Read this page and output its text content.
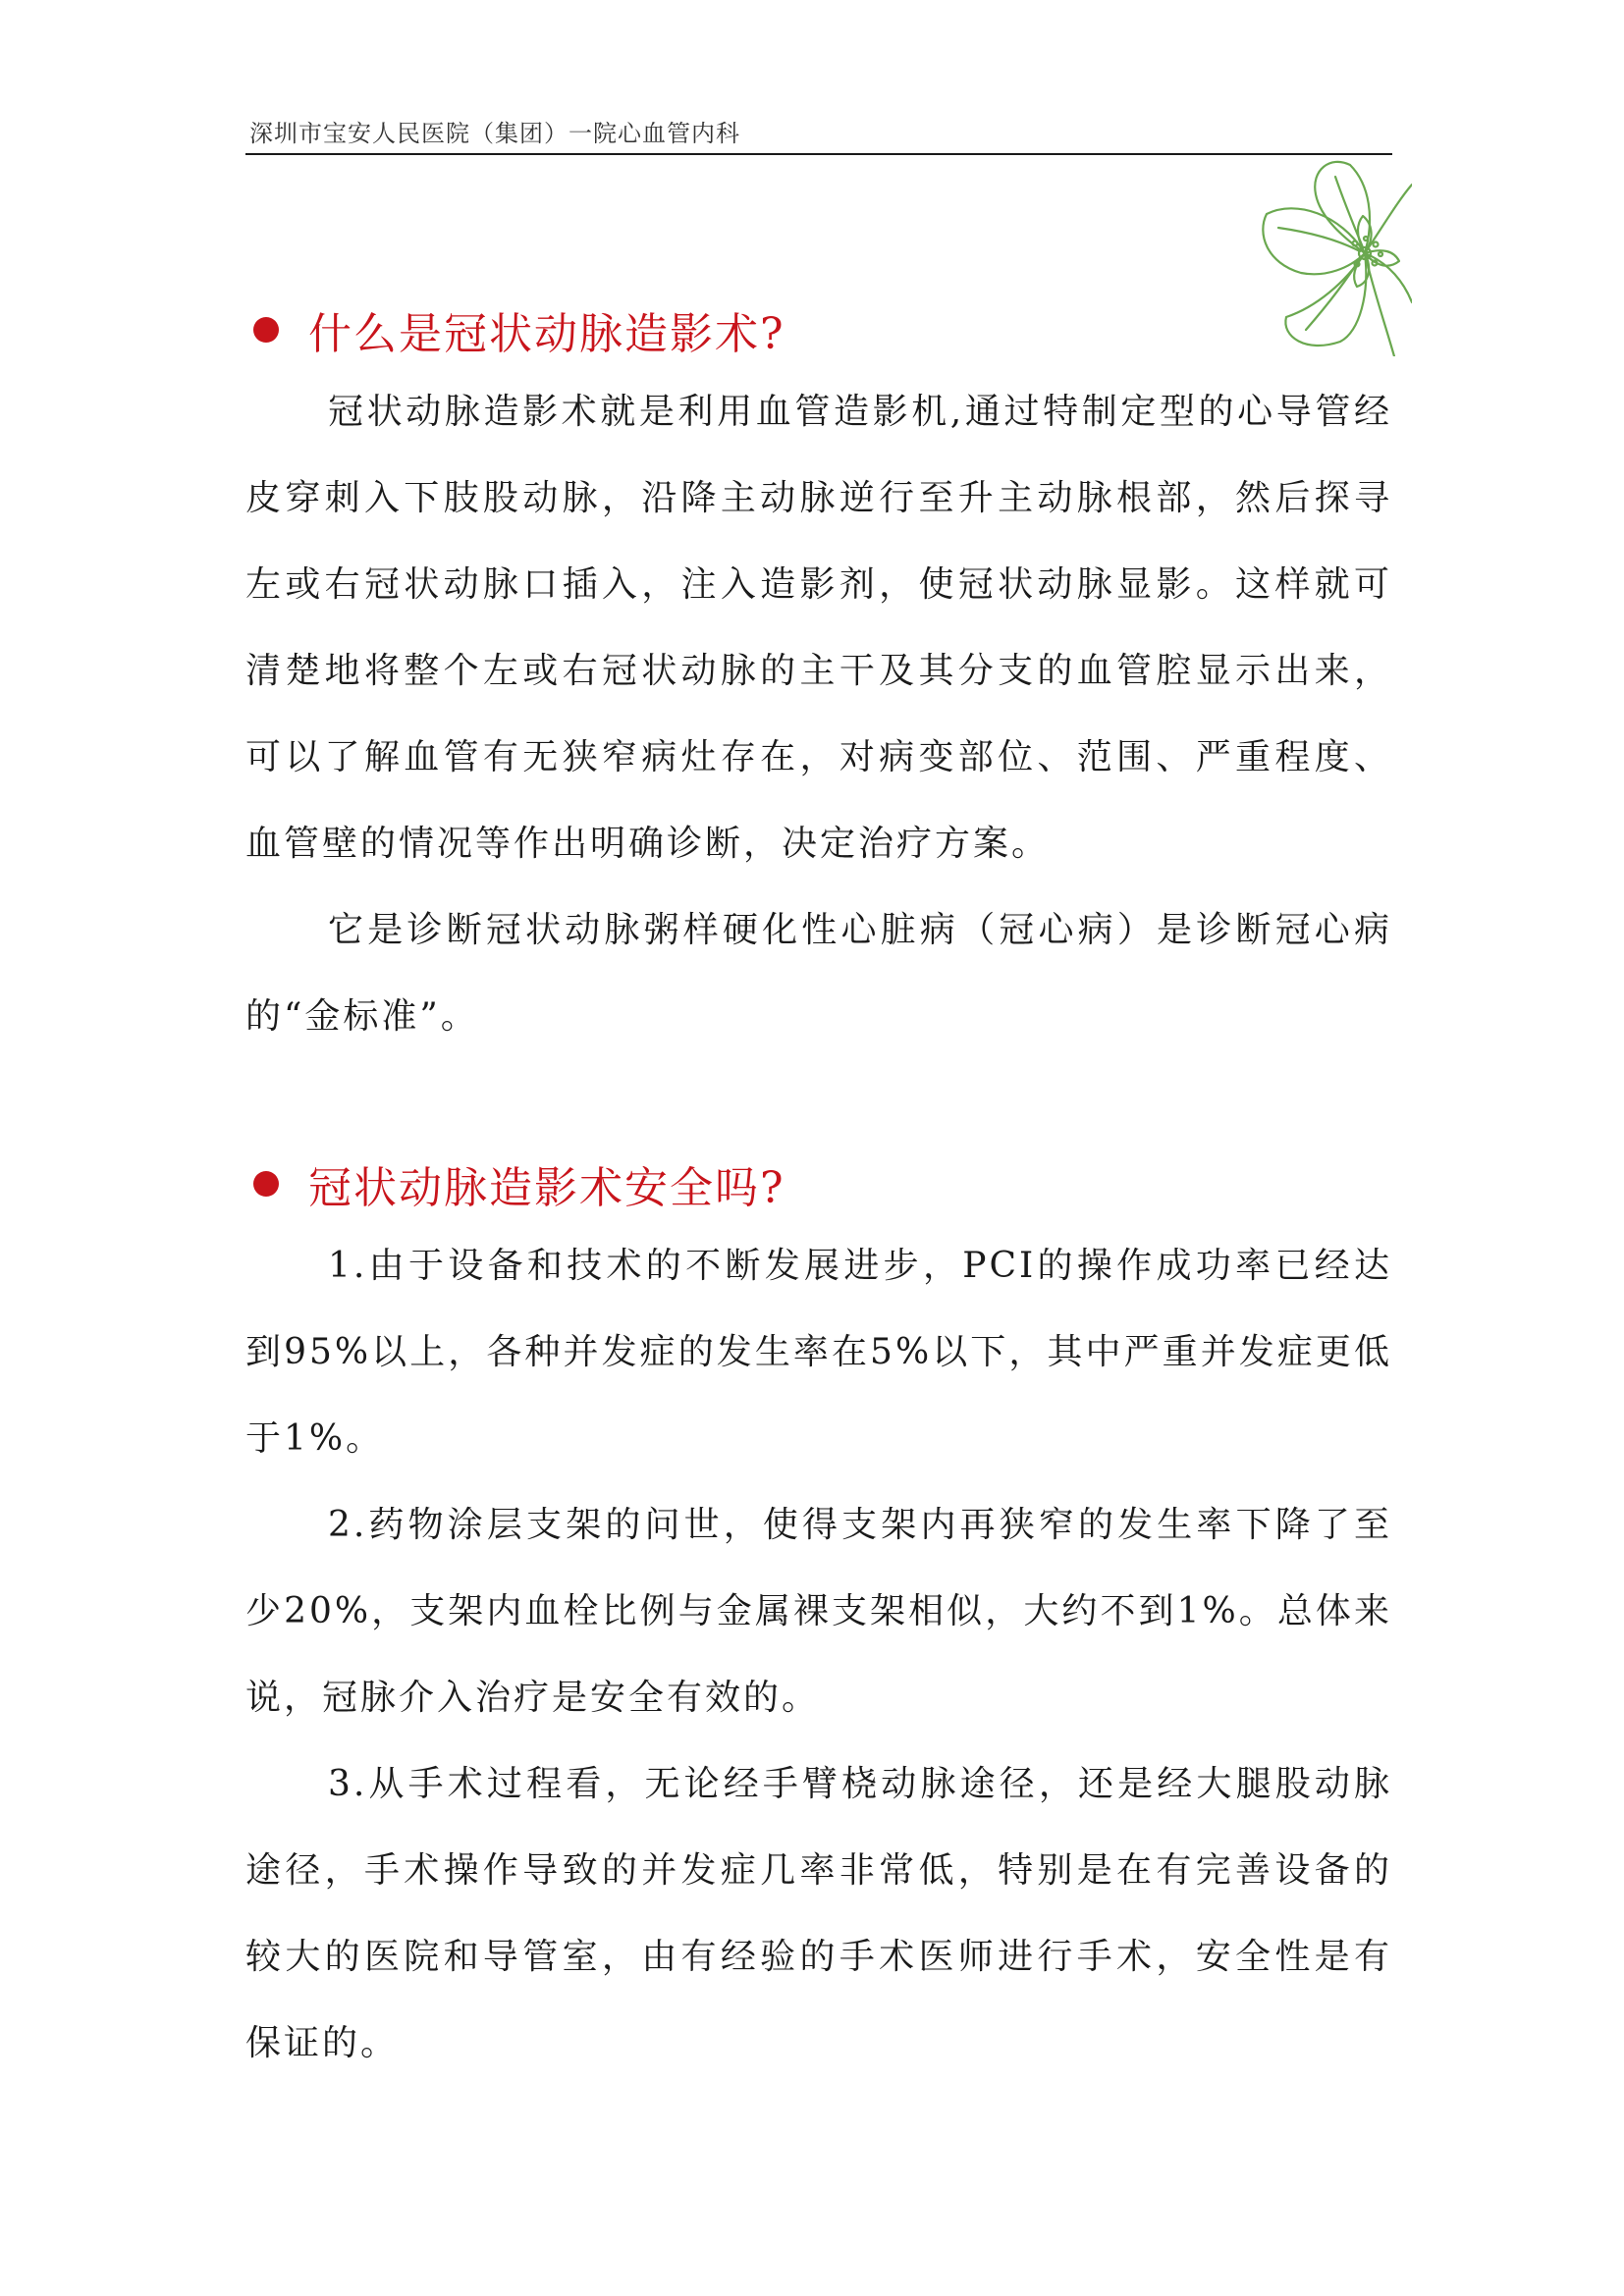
深圳市宝安人民医院（集团）一院心血管内科
什么是冠状动脉造影术?

冠状动脉造影术就是利用血管造影机,通过特制定型的心导管经皮穿刺入下肢股动脉，沿降主动脉逆行至升主动脉根部，然后探寻左或右冠状动脉口插入，注入造影剂，使冠状动脉显影。这样就可清楚地将整个左或右冠状动脉的主干及其分支的血管腔显示出来，可以了解血管有无狭窄病灶存在，对病变部位、范围、严重程度、血管壁的情况等作出明确诊断，决定治疗方案。

它是诊断冠状动脉粥样硬化性心脏病（冠心病）是诊断冠心病的“金标准”。

冠状动脉造影术安全吗?

1.由于设备和技术的不断发展进步，PCI的操作成功率已经达到95%以上，各种并发症的发生率在5%以下，其中严重并发症更低于1%。

2.药物涂层支架的问世，使得支架内再狭窄的发生率下降了至少20%，支架内血栓比例与金属裸支架相似，大约不到1%。总体来说，冠脉介入治疗是安全有效的。

3.从手术过程看，无论经手臂桡动脉途径，还是经大腿股动脉途径，手术操作导致的并发症几率非常低，特别是在有完善设备的较大的医院和导管室，由有经验的手术医师进行手术，安全性是有保证的。
